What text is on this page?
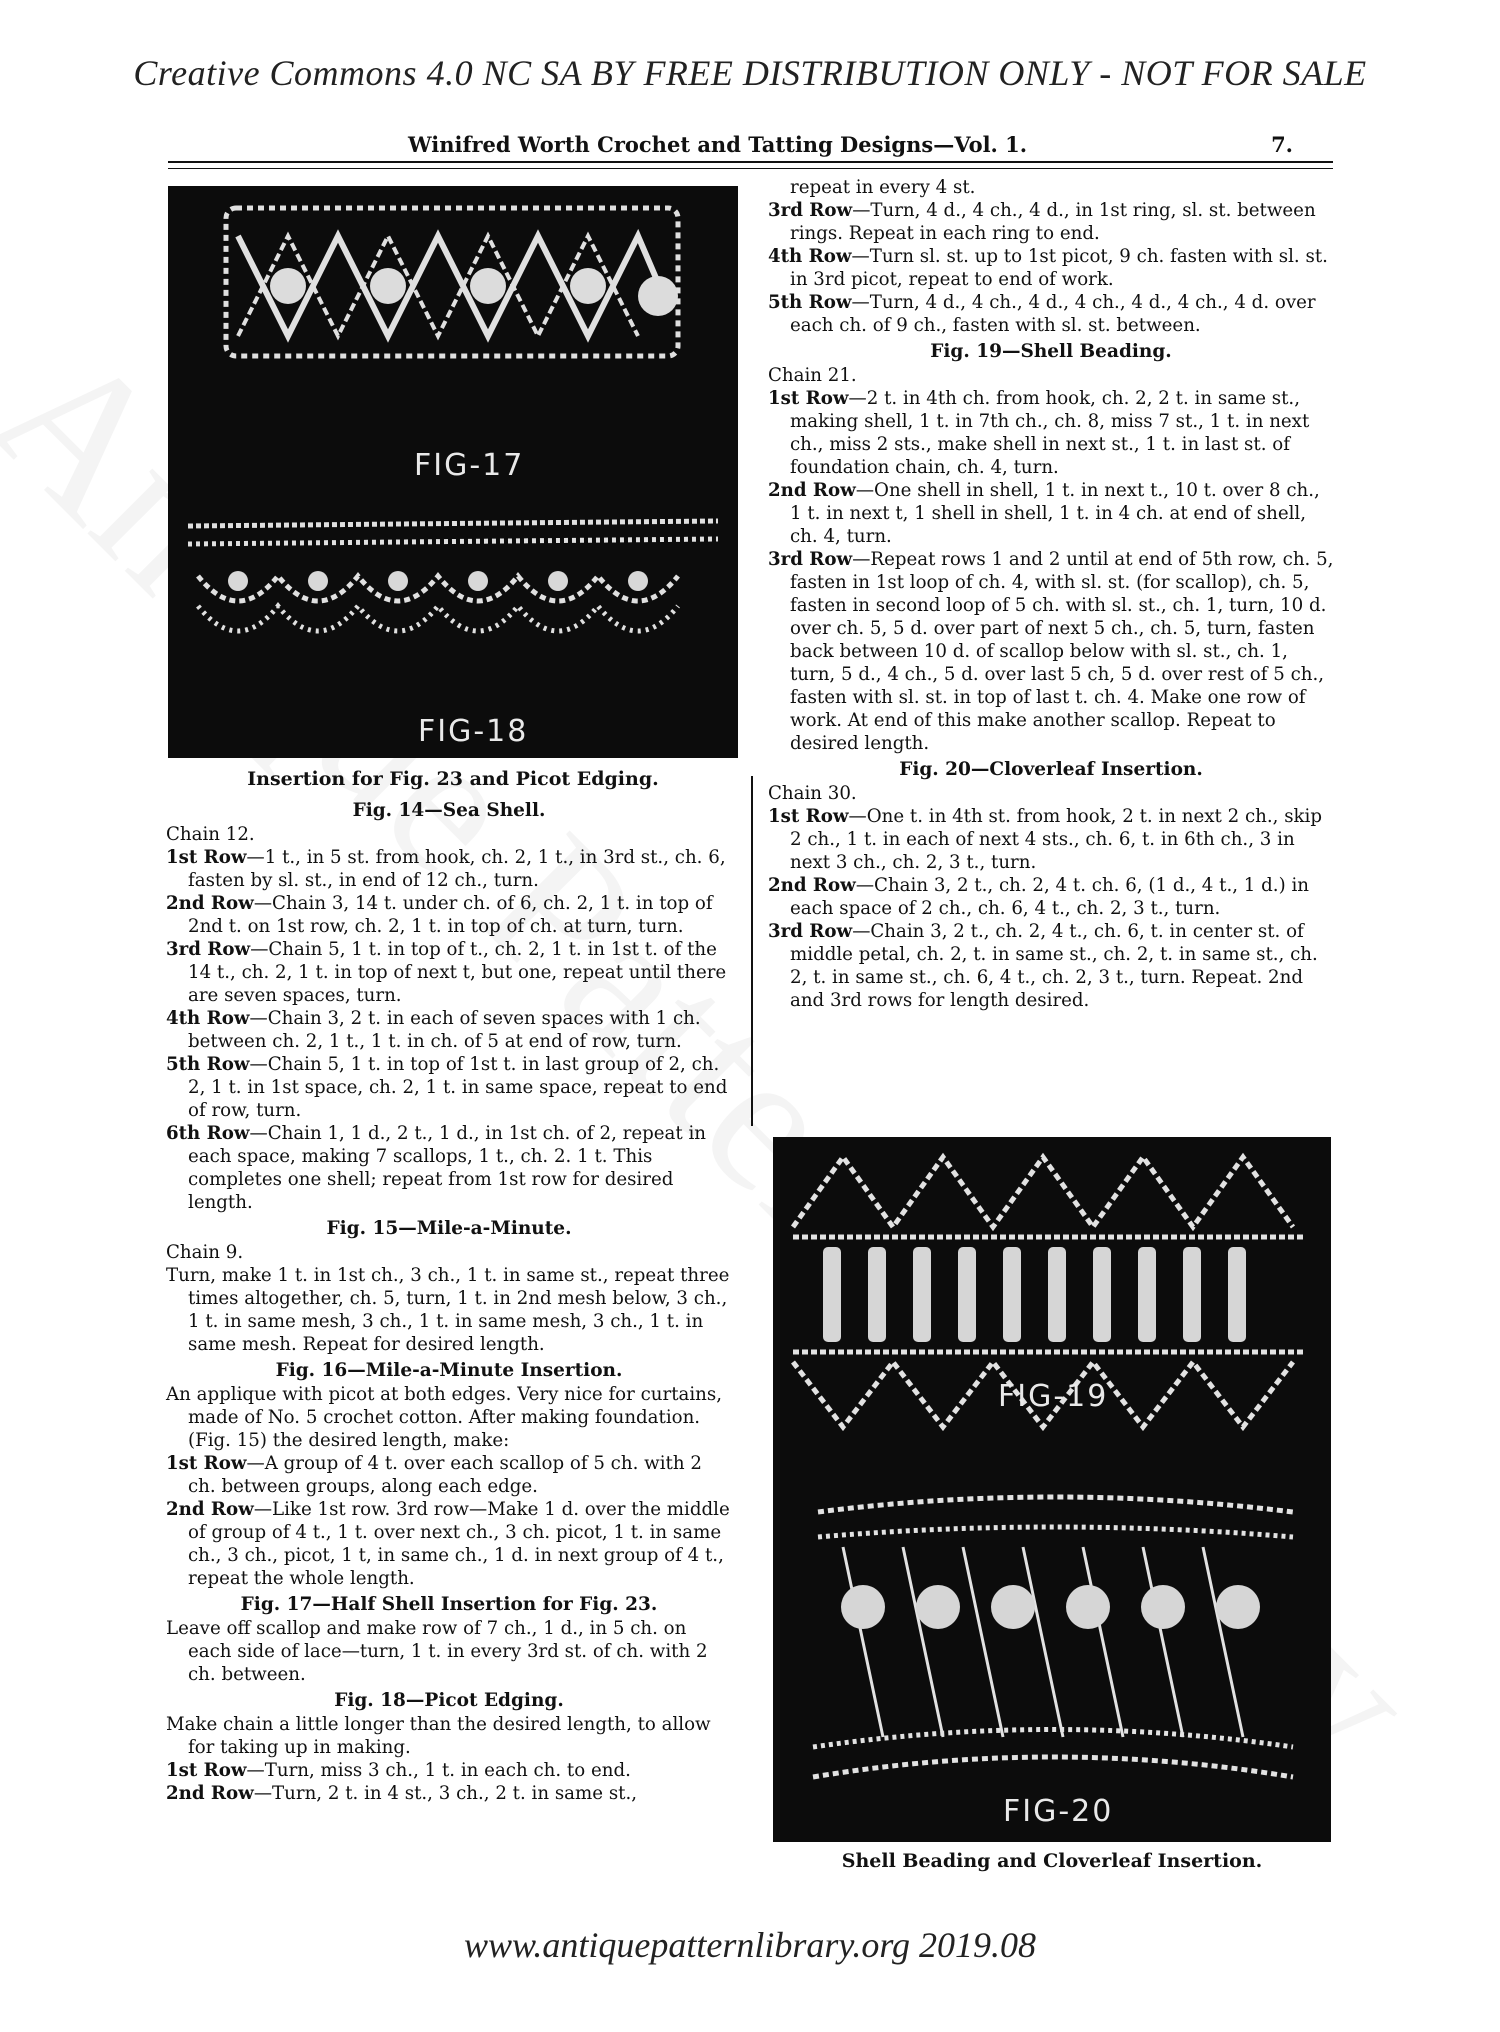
Creative Commons 4.0 NC SA BY FREE DISTRIBUTION ONLY - NOT FOR SALE
Winifred Worth Crochet and Tatting Designs—Vol. 1.	7.
FIG-17
FIG-18
Insertion for Fig. 23 and Picot Edging.
FIG-19
FIG-20
Shell Beading and Cloverleaf Insertion.
Fig. 14—Sea Shell.

Chain 12.

1st Row—1 t., in 5 st. from hook, ch. 2, 1 t., in 3rd st., ch. 6, fasten by sl. st., in end of 12 ch., turn.

2nd Row—Chain 3, 14 t. under ch. of 6, ch. 2, 1 t. in top of 2nd t. on 1st row, ch. 2, 1 t. in top of ch. at turn, turn.

3rd Row—Chain 5, 1 t. in top of t., ch. 2, 1 t. in 1st t. of the 14 t., ch. 2, 1 t. in top of next t, but one, repeat until there are seven spaces, turn.

4th Row—Chain 3, 2 t. in each of seven spaces with 1 ch. between ch. 2, 1 t., 1 t. in ch. of 5 at end of row, turn.

5th Row—Chain 5, 1 t. in top of 1st t. in last group of 2, ch. 2, 1 t. in 1st space, ch. 2, 1 t. in same space, repeat to end of row, turn.

6th Row—Chain 1, 1 d., 2 t., 1 d., in 1st ch. of 2, repeat in each space, making 7 scallops, 1 t., ch. 2. 1 t. This completes one shell; repeat from 1st row for desired length.

Fig. 15—Mile-a-Minute.

Chain 9.

Turn, make 1 t. in 1st ch., 3 ch., 1 t. in same st., repeat three times altogether, ch. 5, turn, 1 t. in 2nd mesh below, 3 ch., 1 t. in same mesh, 3 ch., 1 t. in same mesh, 3 ch., 1 t. in same mesh. Repeat for desired length.

Fig. 16—Mile-a-Minute Insertion.

An applique with picot at both edges. Very nice for curtains, made of No. 5 crochet cotton. After making foundation. (Fig. 15) the desired length, make:

1st Row—A group of 4 t. over each scallop of 5 ch. with 2 ch. between groups, along each edge.

2nd Row—Like 1st row. 3rd row—Make 1 d. over the middle of group of 4 t., 1 t. over next ch., 3 ch. picot, 1 t. in same ch., 3 ch., picot, 1 t, in same ch., 1 d. in next group of 4 t., repeat the whole length.

Fig. 17—Half Shell Insertion for Fig. 23.

Leave off scallop and make row of 7 ch., 1 d., in 5 ch. on each side of lace—turn, 1 t. in every 3rd st. of ch. with 2 ch. between.

Fig. 18—Picot Edging.

Make chain a little longer than the desired length, to allow for taking up in making.

1st Row—Turn, miss 3 ch., 1 t. in each ch. to end.

2nd Row—Turn, 2 t. in 4 st., 3 ch., 2 t. in same st.,

repeat in every 4 st.

3rd Row—Turn, 4 d., 4 ch., 4 d., in 1st ring, sl. st. between rings. Repeat in each ring to end.

4th Row—Turn sl. st. up to 1st picot, 9 ch. fasten with sl. st. in 3rd picot, repeat to end of work.

5th Row—Turn, 4 d., 4 ch., 4 d., 4 ch., 4 d., 4 ch., 4 d. over each ch. of 9 ch., fasten with sl. st. between.

Fig. 19—Shell Beading.

Chain 21.

1st Row—2 t. in 4th ch. from hook, ch. 2, 2 t. in same st., making shell, 1 t. in 7th ch., ch. 8, miss 7 st., 1 t. in next ch., miss 2 sts., make shell in next st., 1 t. in last st. of foundation chain, ch. 4, turn.

2nd Row—One shell in shell, 1 t. in next t., 10 t. over 8 ch., 1 t. in next t, 1 shell in shell, 1 t. in 4 ch. at end of shell, ch. 4, turn.

3rd Row—Repeat rows 1 and 2 until at end of 5th row, ch. 5, fasten in 1st loop of ch. 4, with sl. st. (for scallop), ch. 5, fasten in second loop of 5 ch. with sl. st., ch. 1, turn, 10 d. over ch. 5, 5 d. over part of next 5 ch., ch. 5, turn, fasten back between 10 d. of scallop below with sl. st., ch. 1, turn, 5 d., 4 ch., 5 d. over last 5 ch, 5 d. over rest of 5 ch., fasten with sl. st. in top of last t. ch. 4. Make one row of work. At end of this make another scallop. Repeat to desired length.

Fig. 20—Cloverleaf Insertion.

Chain 30.

1st Row—One t. in 4th st. from hook, 2 t. in next 2 ch., skip 2 ch., 1 t. in each of next 4 sts., ch. 6, t. in 6th ch., 3 in next 3 ch., ch. 2, 3 t., turn.

2nd Row—Chain 3, 2 t., ch. 2, 4 t. ch. 6, (1 d., 4 t., 1 d.) in each space of 2 ch., ch. 6, 4 t., ch. 2, 3 t., turn.

3rd Row—Chain 3, 2 t., ch. 2, 4 t., ch. 6, t. in center st. of middle petal, ch. 2, t. in same st., ch. 2, t. in same st., ch. 2, t. in same st., ch. 6, 4 t., ch. 2, 3 t., turn. Repeat. 2nd and 3rd rows for length desired.

www.antiquepatternlibrary.org 2019.08
